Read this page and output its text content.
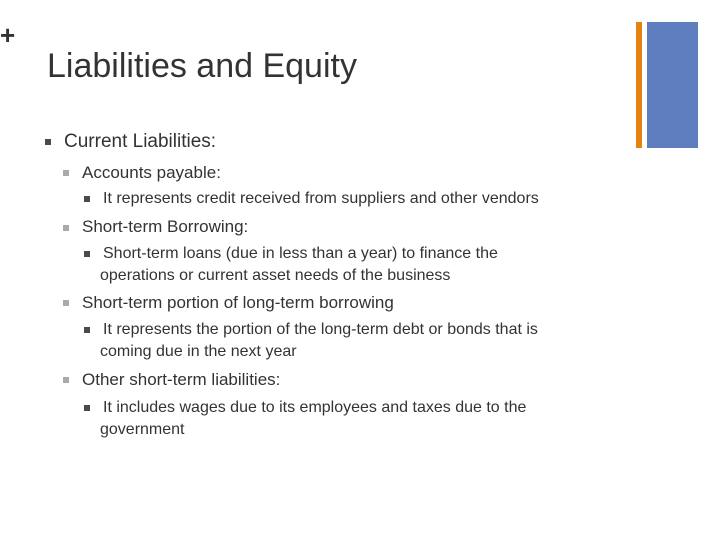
+
Liabilities and Equity
Current Liabilities:
Accounts payable:
It represents credit received from suppliers and other vendors
Short-term Borrowing:
Short-term loans (due in less than a year) to finance the
operations or current asset needs of the business
Short-term portion of long-term borrowing
It represents the portion of the long-term debt or bonds that is
coming due in the next year
Other short-term liabilities:
It includes wages due to its employees and taxes due to the
government
